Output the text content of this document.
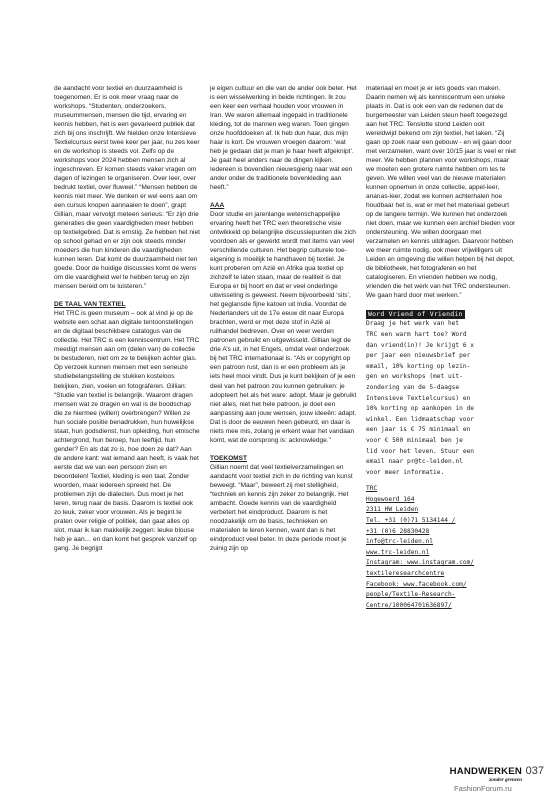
de aandacht voor textiel en duurzaamheid is toegenomen. Er is ook meer vraag naar de workshops. “Studenten, onderzoekers, museummensen, mensen die tijd, ervaring en kennis hebben, het is een gevarieerd publiek dat zich bij ons inschrijft. We hielden onze Intensieve Textielcursus eerst twee keer per jaar, nu zes keer en de workshop is steeds vol. Zelfs op de workshops voor 2024 hebben mensen zich al ingeschreven. Er komen steeds vaker vragen om dagen of lezingen te organiseren. Over leer, over bedrukt textiel, over fluweel.” “Mensen hebben de kennis niet meer. We denken er wel eens aan om een cursus knopen aannaaien te doen”, grapt Gillian, maar vervolgt meteen serieus: “Er zijn drie generaties die geen vaardigheden meer hebben op textielgebied. Dat is ernstig. Ze hebben het niet op school gehad en er zijn ook steeds minder moeders die hun kinderen die vaardigheden kunnen leren. Dat komt de duurzaamheid niet ten goede. Door de huidige discussies komt de wens om die vaardigheid wel te hebben terug en zijn mensen bereid om te luisteren.”

DE TAAL VAN TEXTIEL

Het TRC is geen museum – ook al vind je op de website een schat aan digitale tentoonstellingen en de digitaal beschikbare catalogus van de collectie. Het TRC is een kenniscentrum. Het TRC meedigt mensen aan om (delen van) de collectie te bestuderen, niet om ze te bekijken achter glas. Op verzoek kunnen mensen met een serieuze studiebelangstelling de stukken kosteloos bekijken, zien, voelen en fotograferen. Gillian: “Studie van textiel is belangrijk. Waarom dragen mensen wat ze dragen en wat is de boodschap die ze hiermee (willen) overbrengen? Willen ze hun sociale positie benadrukken, hun huwelijkse staat, hun godsdienst, hun opleiding, hun etnische achtergrond, hun beroep, hun leeftijd, hun gender? En als dat zo is, hoe doen ze dat? Aan de andere kant: wat iemand aan heeft, is vaak het eerste dat we van een persoon zien en beoordelen! Textiel, kleding is een taal. Zonder woorden, maar iedereen spreekt het. De problemen zijn de dialecten. Dus moet je het leren, terug naar de basis. Daarom is textiel ook zo leuk, zeker voor vrouwen. Als je begint te praten over religie of politiek, dan gaat alles op slot, maar ik kan makkelijk zeggen: leuke blouse heb je aan… en dan komt het gesprek vanzelf op gang. Je begrijpt

je eigen cultuur en die van de ander ook beter. Het is een wisselwerking in beide richtingen. Ik zou een keer een verhaal houden voor vrouwen in Iran. We waren allemaal ingepakt in traditionele kleding, tot de mannen weg waren. Toen gingen onze hoofddoeken af. Ik heb dun haar, dus mijn haar is kort. De vrouwen vroegen daarom: ‘wat heb je gedaan dat je man je haar heeft afgeknipt’. Je gaat heel anders naar de dingen kijken. Iedereen is bovendien nieuwsgierig naar wat een ander onder de traditionele bovenkleding aan heeft.”

AAA

Door studie en jarenlange wetenschappelijke ervaring heeft het TRC een theoretische visie ontwikkeld op belangrijke discussiepunten die zich voordoen als er gewerkt wordt met items van veel verschillende culturen. Het begrip culturele toe-eigening is moeilijk te handhaven bij textiel. Je kunt proberen om Azië en Afrika qua textiel op zichzelf te laten staan, maar de realiteit is dat Europa er bij hoort en dat er veel onderlinge uitwisseling is geweest. Neem bijvoorbeeld ‘sits’, het geglansde fijne katoen uit India. Voordat de Nederlanders uit de 17e eeuw dit naar Europa brachten, werd er met deze stof in Azië al ruilhandel bedreven. Over en weer werden patronen gebruikt en uitgewisseld. Gillian legt de drie A’s uit, in het Engels, omdat veel onderzoek bij het TRC internationaal is. “Als er copyright op een patroon rust, dan is er een probleem als je iets heel mooi vindt. Dus je kunt bekijken of je een deel van het patroon zou kunnen gebruiken: je adopteert het als het ware: adopt. Maar je gebruikt niet alles, niet het hele patroon, je doet een aanpassing aan jouw wensen, jouw ideeën: adapt. Dat is door de eeuwen heen gebeurd, en daar is niets mee mis, zolang je erkent waar het vandaan komt, wat de oorsprong is: acknowledge.”

TOEKOMST

Gillian noemt dat veel textielverzamelingen en aandacht voor textiel zich in de richting van kunst beweegt. “Maar”, beweert zij met stelligheid, “techniek en kennis zijn zeker zo belangrijk. Het ambacht. Goede kennis van de vaardigheid verbetert het eindproduct. Daarom is het noodzakelijk om de basis, technieken en materialen te leren kennen, want dan is het eindproduct veel beter. In deze periode moet je zuinig zijn op

materiaal en moet je er iets goeds van maken. Daarin nemen wij als kenniscentrum een unieke plaats in. Dat is ook een van de redenen dat de burgemeester van Leiden steun heeft toegezegd aan het TRC. Tenslotte stond Leiden ooit wereldwijd bekend om zijn textiel, het laken. “Zij gaan op zoek naar een gebouw - en wij gaan door met verzamelen, want over 10/15 jaar is veel er niet meer. We hebben plannen voor workshops, maar we moeten een grotere ruimte hebben om les te geven. We willen veel van de nieuwe materialen kunnen opnemen in onze collectie, appel-leer, ananas-leer, zodat we kunnen achterhalen hoe houdbaar het is, wat er met het materiaal gebeurt op de langere termijn. We kunnen het onderzoek niet doen, maar we kunnen een archief bieden voor ondersteuning. We willen doorgaan met verzamelen en kennis uitdragen. Daarvoor hebben we meer ruimte nodig, ook meer vrijwilligers uit Leiden en omgeving die willen helpen bij het depot, de bibliotheek, het fotograferen en het catalogiseren. En vrienden hebben we nodig, vrienden die het werk van het TRC ondersteunen. We gaan hard door met werken.”

Word Vriend of Vriendin
Draag je het werk van het
TRC een warm hart toe? Word
dan vriend(in)! Je krijgt 6 x
per jaar een nieuwsbrief per
email, 10% korting op lezin-
gen en workshops (met uit-
zondering van de 5-daagse
Intensieve Textielcursus) en
10% korting op aankopen in de
winkel. Een lidmaatschap voor
een jaar is € 75 minimaal en
voor € 500 minimaal ben je
lid voor het leven. Stuur een
email naar pr@tc-leiden.nl
voor meer informatie.
TRC
Hogewoerd 164
2311 HW Leiden
Tel. +31 (0)71 5134144 /
+31 (0)6 28830428
info@trc-leiden.nl
www.trc-leiden.nl
Instagram: www.instagram.com/
textileresearchcentre
Facebook: www.facebook.com/
people/Textile-Research-
Centre/100064701636897/
HANDWERKEN
zonder grenzen
037
FashionForum.ru
